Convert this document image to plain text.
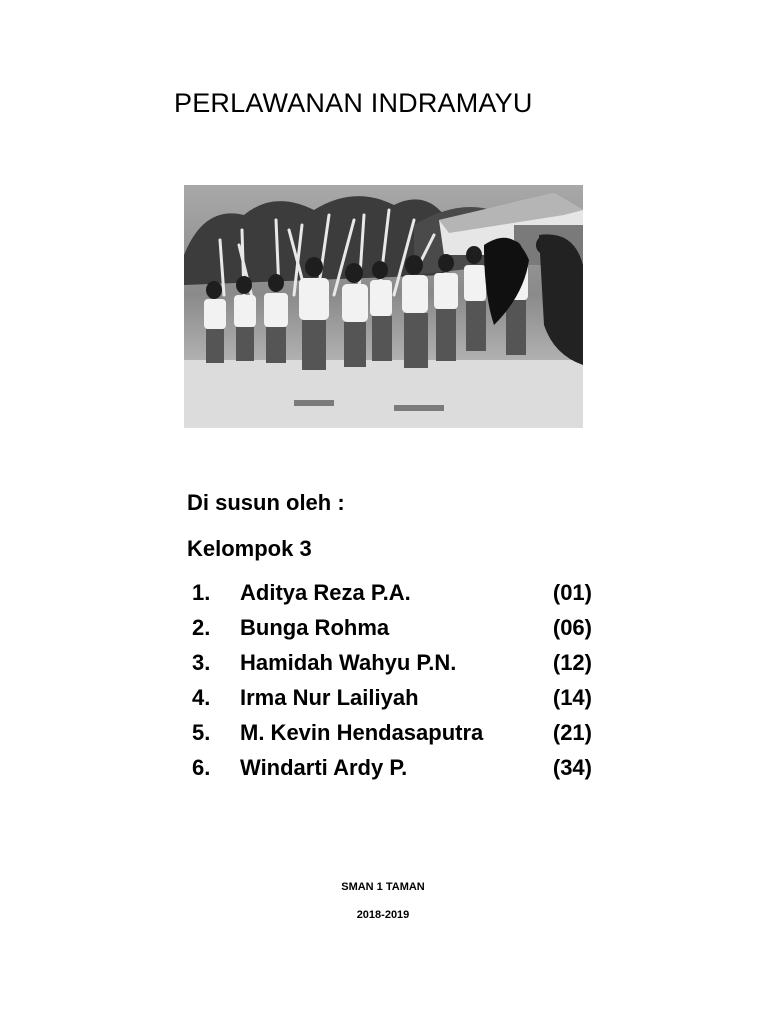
PERLAWANAN INDRAMAYU

Di susun oleh :

Kelompok 3

1. Aditya Reza P.A.	(01)
2. Bunga Rohma	(06)
3. Hamidah Wahyu P.N.	(12)
4. Irma Nur Lailiyah	(14)
5. M. Kevin Hendasaputra	(21)
6. Windarti Ardy P.	(34)
SMAN 1 TAMAN
2018-2019
